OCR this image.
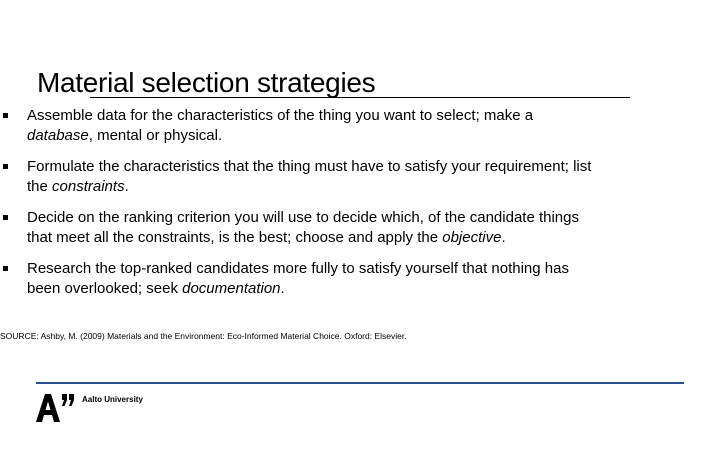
Material selection strategies
Assemble data for the characteristics of the thing you want to select; make a database, mental or physical.
Formulate the characteristics that the thing must have to satisfy your requirement; list the constraints.
Decide on the ranking criterion you will use to decide which, of the candidate things that meet all the constraints, is the best; choose and apply the objective.
Research the top-ranked candidates more fully to satisfy yourself that nothing has been overlooked; seek documentation.
SOURCE: Ashby, M. (2009) Materials and the Environment: Eco-Informed Material Choice. Oxford: Elsevier.
Aalto University
